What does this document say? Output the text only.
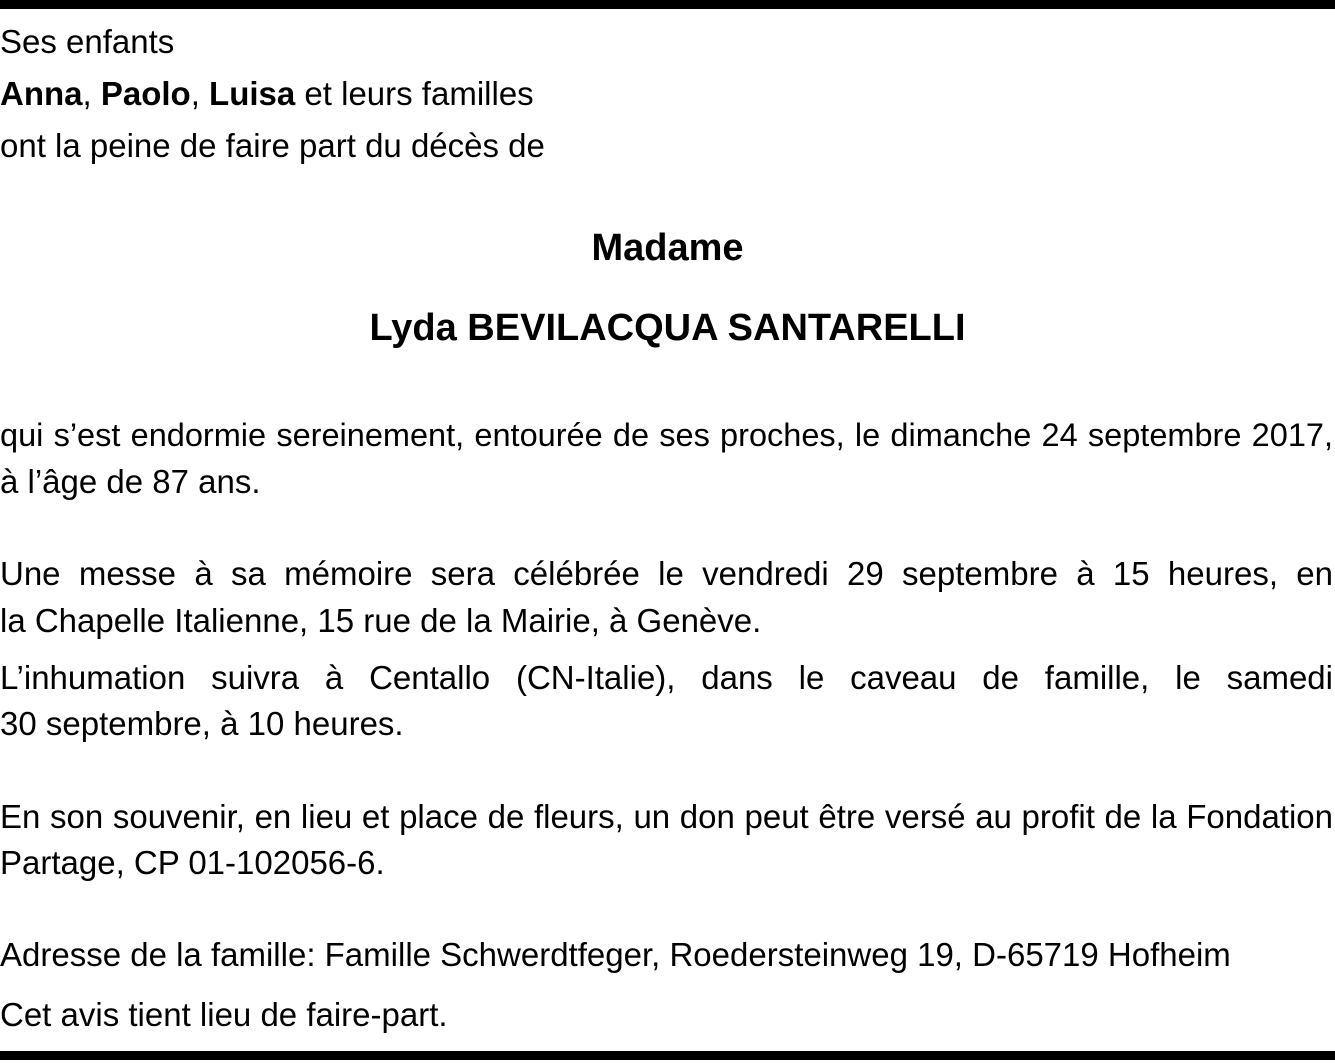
Ses enfants
Anna, Paolo, Luisa et leurs familles
ont la peine de faire part du décès de
Madame
Lyda BEVILACQUA SANTARELLI
qui s’est endormie sereinement, entourée de ses proches, le dimanche 24 septembre 2017,
à l’âge de 87 ans.
Une messe à sa mémoire sera célébrée le vendredi 29 septembre à 15 heures, en
la Chapelle Italienne, 15 rue de la Mairie, à Genève.
L’inhumation suivra à Centallo (CN-Italie), dans le caveau de famille, le samedi
30 septembre, à 10 heures.
En son souvenir, en lieu et place de fleurs, un don peut être versé au profit de la Fondation
Partage, CP 01-102056-6.
Adresse de la famille: Famille Schwerdtfeger, Roedersteinweg 19, D-65719 Hofheim
Cet avis tient lieu de faire-part.
